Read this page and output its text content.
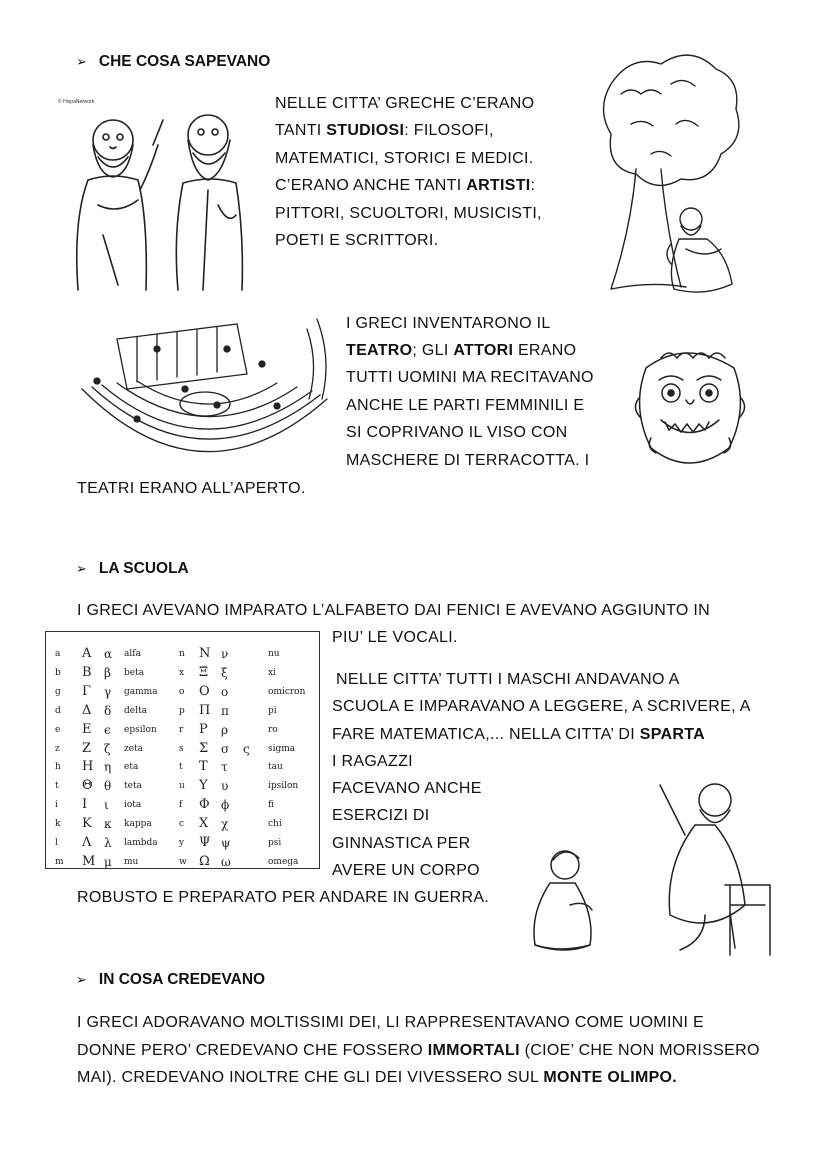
➢ CHE COSA SAPEVANO
© HispaNetwork	NELLE CITTA’ GRECHE C’ERANO
TANTI STUDIOSI: FILOSOFI,
MATEMATICI, STORICI E MEDICI.
C’ERANO ANCHE TANTI ARTISTI:
PITTORI, SCUOLTORI, MUSICISTI,
POETI E SCRITTORI.
I GRECI INVENTARONO IL
TEATRO; GLI ATTORI ERANO
TUTTI UOMINI MA RECITAVANO
ANCHE LE PARTI FEMMINILI E
SI COPRIVANO IL VISO CON
MASCHERE DI TERRACOTTA. I
TEATRI ERANO ALL’APERTO.
➢ LA SCUOLA
I GRECI AVEVANO IMPARATO L’ALFABETO DAI FENICI E AVEVANO AGGIUNTO IN
PIU’ LE VOCALI.
NELLE CITTA’ TUTTI I MASCHI ANDAVANO A
SCUOLA E IMPARAVANO A LEGGERE, A SCRIVERE, A
FARE MATEMATICA,... NELLA CITTA’ DI SPARTA
I RAGAZZI
FACEVANO ANCHE
ESERCIZI DI
GINNASTICA PER
AVERE UN CORPO
ROBUSTO E PREPARATO PER ANDARE IN GUERRA.
a Α α alfa	n Ν ν	nu
b Β β beta	x Ξ ξ	xi
g Γ γ gamma o Ο ο	omicron
d Δ δ delta	p Π π	pi
e Ε ϵ epsilon r Ρ ρ	ro
z Ζ ζ zeta	s Σ σ ς sigma
h Η η eta	t Τ τ	tau
t Θ θ teta	u Υ υ	ipsilon
i Ι ι iota	f Φ ϕ	fi
k Κ κ kappa	c Χ χ	chi
l Λ λ lambda y Ψ ψ	psi
m Μ μ mu	w Ω ω	omega
➢ IN COSA CREDEVANO
I GRECI ADORAVANO MOLTISSIMI DEI, LI RAPPRESENTAVANO COME UOMINI E
DONNE PERO’ CREDEVANO CHE FOSSERO IMMORTALI (CIOE’ CHE NON MORISSERO
MAI). CREDEVANO INOLTRE CHE GLI DEI VIVESSERO SUL MONTE OLIMPO.
